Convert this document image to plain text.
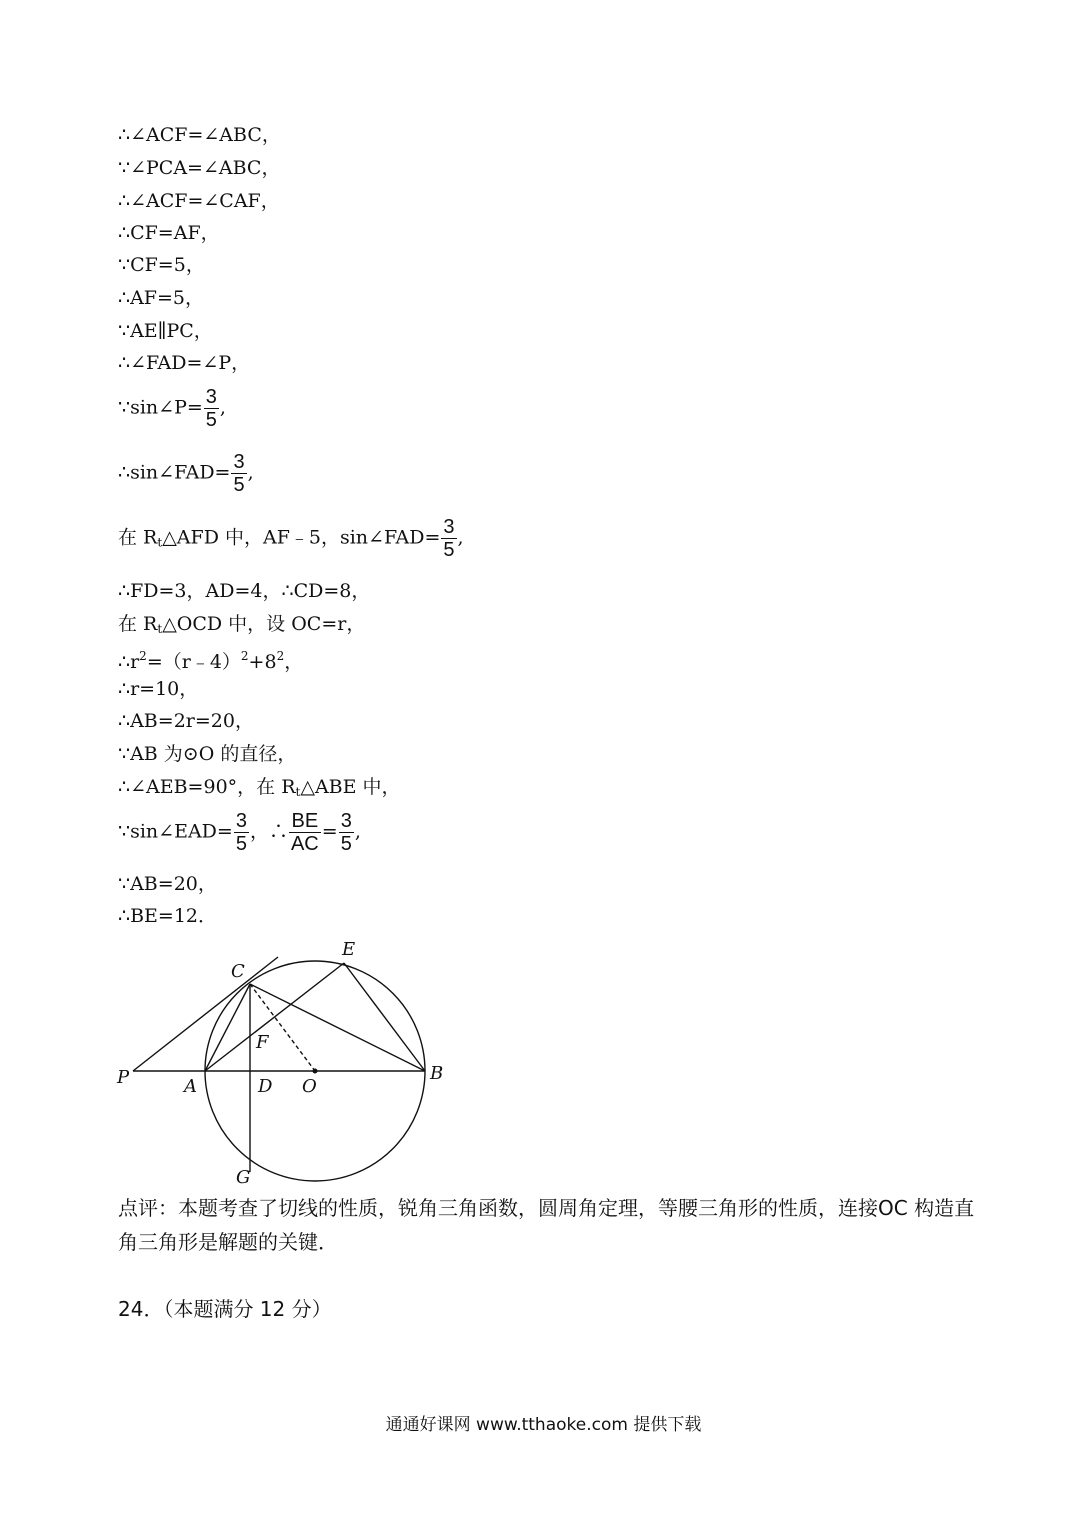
∴∠ACF=∠ABC，
∵∠PCA=∠ABC，
∴∠ACF=∠CAF，
∴CF=AF，
∵CF=5，
∴AF=5，
∵AE∥PC，
∴∠FAD=∠P，
∵sin∠P= $\frac{3}{5}$ ,
∴sin∠FAD= $\frac{3}{5}$ ,
在 $R_t\triangle AFD$ 中，AF﹣5，sin∠FAD= $\frac{3}{5}$ ,
∴FD=3，AD=4，∴CD=8，
在 $R_t\triangle OCD$ 中，设 OC=r，
$\therefore r^2=(r﹣4)^2+8^2$，
∴r=10，
∴AB=2r=20，
∵AB 为⊙O 的直径，
∴∠AEB=90°，在 $R_t\triangle ABE$ 中，
∵sin∠EAD= $\frac{3}{5}$ ，∴ $\frac{BE}{AC} = \frac{3}{5}$ ,
∵AB=20，
∴BE=12．
C
E
F
P	A	D O
B
G
点评：本题考查了切线的性质，锐角三角函数，圆周角定理，等腰三角形的性质，连接OC 构造直角三角形是解题的关键．
24．（本题满分 12 分）
通通好课网 www.tthaoke.com 提供下载
